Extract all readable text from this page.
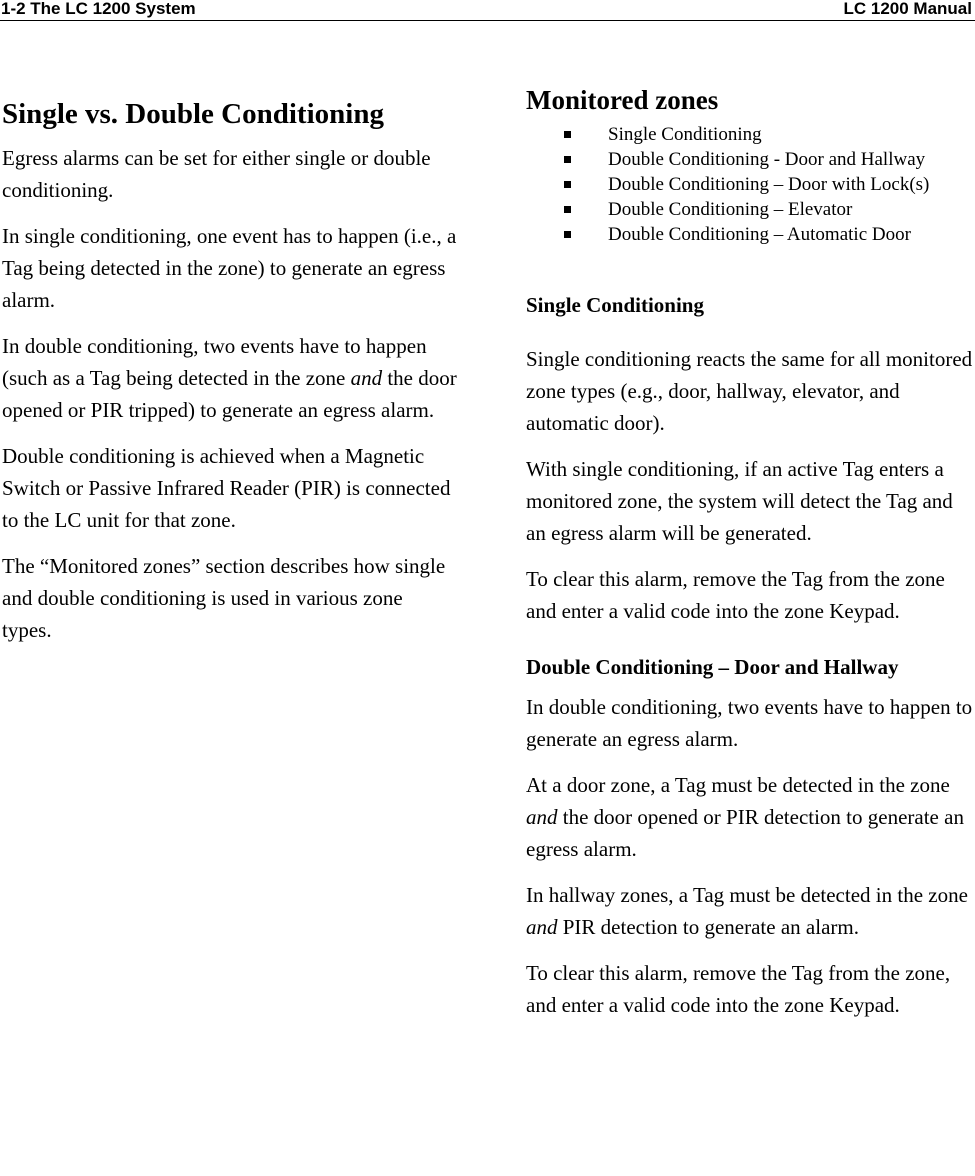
1-2 The LC 1200 System	LC 1200 Manual
Single vs. Double Conditioning

Egress alarms can be set for either single or double conditioning.

In single conditioning, one event has to happen (i.e., a Tag being detected in the zone) to generate an egress alarm.

In double conditioning, two events have to happen (such as a Tag being detected in the zone and the door opened or PIR tripped) to generate an egress alarm.

Double conditioning is achieved when a Magnetic Switch or Passive Infrared Reader (PIR) is connected to the LC unit for that zone.

The “Monitored zones” section describes how single and double conditioning is used in various zone types.

Monitored zones
Single Conditioning
Double Conditioning - Door and Hallway
Double Conditioning – Door with Lock(s)
Double Conditioning – Elevator
Double Conditioning – Automatic Door

Single Conditioning

Single conditioning reacts the same for all monitored zone types (e.g., door, hallway, elevator, and automatic door).

With single conditioning, if an active Tag enters a monitored zone, the system will detect the Tag and an egress alarm will be generated.

To clear this alarm, remove the Tag from the zone and enter a valid code into the zone Keypad.

Double Conditioning – Door and Hallway

In double conditioning, two events have to happen to generate an egress alarm.

At a door zone, a Tag must be detected in the zone and the door opened or PIR detection to generate an egress alarm.

In hallway zones, a Tag must be detected in the zone and PIR detection to generate an alarm.

To clear this alarm, remove the Tag from the zone, and enter a valid code into the zone Keypad.
